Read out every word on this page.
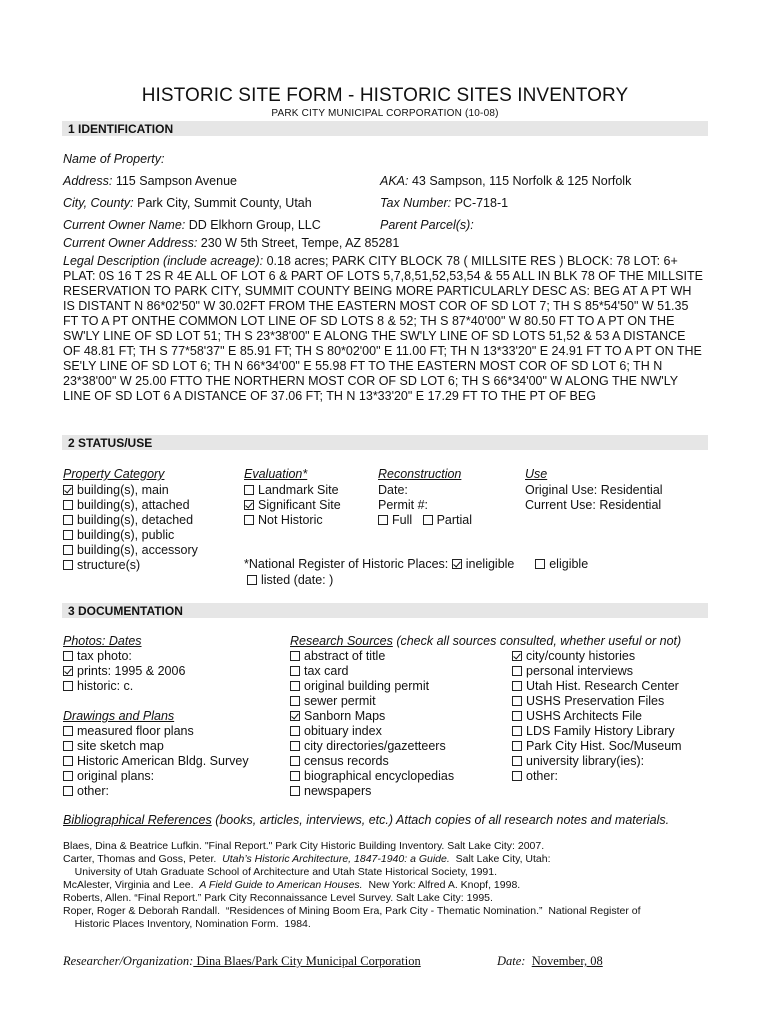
HISTORIC SITE FORM - HISTORIC SITES INVENTORY
PARK CITY MUNICIPAL CORPORATION (10-08)
1 IDENTIFICATION
Name of Property:
Address: 115 Sampson Avenue	AKA: 43 Sampson, 115 Norfolk & 125 Norfolk
City, County: Park City, Summit County, Utah	Tax Number: PC-718-1
Current Owner Name: DD Elkhorn Group, LLC	Parent Parcel(s):
Current Owner Address: 230 W 5th Street, Tempe, AZ 85281
Legal Description (include acreage): 0.18 acres; PARK CITY BLOCK 78 ( MILLSITE RES ) BLOCK: 78 LOT: 6+ PLAT: 0S 16 T 2S R 4E ALL OF LOT 6 & PART OF LOTS 5,7,8,51,52,53,54 & 55 ALL IN BLK 78 OF THE MILLSITE RESERVATION TO PARK CITY, SUMMIT COUNTY BEING MORE PARTICULARLY DESC AS: BEG AT A PT WH IS DISTANT N 86*02'50" W 30.02FT FROM THE EASTERN MOST COR OF SD LOT 7; TH S 85*54'50" W 51.35 FT TO A PT ONTHE COMMON LOT LINE OF SD LOTS 8 & 52; TH S 87*40'00" W 80.50 FT TO A PT ON THE SW'LY LINE OF SD LOT 51; TH S 23*38'00" E ALONG THE SW'LY LINE OF SD LOTS 51,52 & 53 A DISTANCE OF 48.81 FT; TH S 77*58'37" E 85.91 FT; TH S 80*02'00" E 11.00 FT; TH N 13*33'20" E 24.91 FT TO A PT ON THE SE'LY LINE OF SD LOT 6; TH N 66*34'00" E 55.98 FT TO THE EASTERN MOST COR OF SD LOT 6; TH N 23*38'00" W 25.00 FTTO THE NORTHERN MOST COR OF SD LOT 6; TH S 66*34'00" W ALONG THE NW'LY LINE OF SD LOT 6 A DISTANCE OF 37.06 FT; TH N 13*33'20" E 17.29 FT TO THE PT OF BEG
2 STATUS/USE
Property Category
building(s), main
building(s), attached
building(s), detached
building(s), public
building(s), accessory
structure(s)
Evaluation*
Landmark Site
Significant Site
Not Historic
Reconstruction
Date:
Permit #:
Full Partial
Use
Original Use: Residential
Current Use: Residential
*National Register of Historic Places: ineligible	eligible
listed (date: )
3 DOCUMENTATION
Photos: Dates
tax photo:
prints: 1995 & 2006
historic: c.
Drawings and Plans
measured floor plans
site sketch map
Historic American Bldg. Survey
original plans:
other:
Research Sources (check all sources consulted, whether useful or not)
abstract of title
tax card
original building permit
sewer permit
Sanborn Maps
obituary index
city directories/gazetteers
census records
biographical encyclopedias
newspapers
city/county histories
personal interviews
Utah Hist. Research Center
USHS Preservation Files
USHS Architects File
LDS Family History Library
Park City Hist. Soc/Museum
university library(ies):
other:
Bibliographical References (books, articles, interviews, etc.) Attach copies of all research notes and materials.
Blaes, Dina & Beatrice Lufkin. "Final Report." Park City Historic Building Inventory. Salt Lake City: 2007.
Carter, Thomas and Goss, Peter.  Utah’s Historic Architecture, 1847-1940: a Guide.  Salt Lake City, Utah:
University of Utah Graduate School of Architecture and Utah State Historical Society, 1991.
McAlester, Virginia and Lee.  A Field Guide to American Houses.  New York: Alfred A. Knopf, 1998.
Roberts, Allen. “Final Report.” Park City Reconnaissance Level Survey. Salt Lake City: 1995.
Roper, Roger & Deborah Randall.  “Residences of Mining Boom Era, Park City - Thematic Nomination.”  National Register of
Historic Places Inventory, Nomination Form.  1984.
Researcher/Organization: Dina Blaes/Park City Municipal Corporation	Date:  November, 08
